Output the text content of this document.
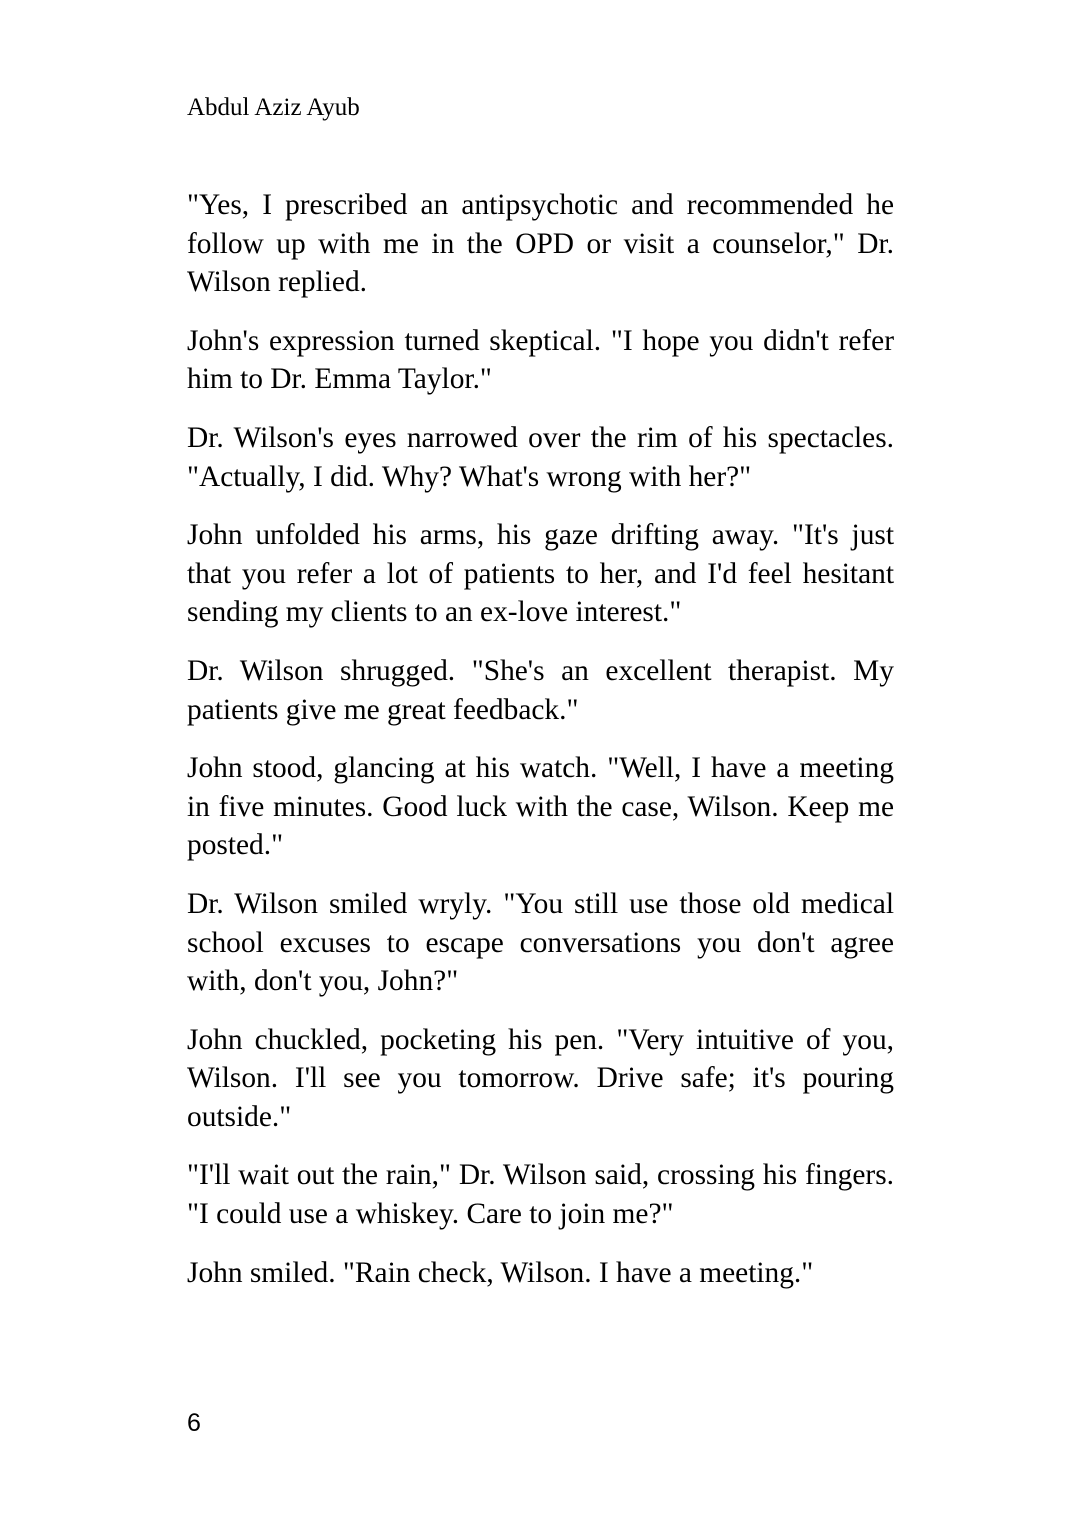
Abdul Aziz Ayub

"Yes, I prescribed an antipsychotic and recommended he follow up with me in the OPD or visit a counselor," Dr. Wilson replied.

John's expression turned skeptical. "I hope you didn't refer him to Dr. Emma Taylor."

Dr. Wilson's eyes narrowed over the rim of his spectacles. "Actually, I did. Why? What's wrong with her?"

John unfolded his arms, his gaze drifting away. "It's just that you refer a lot of patients to her, and I'd feel hesitant sending my clients to an ex-love interest."

Dr. Wilson shrugged. "She's an excellent therapist. My patients give me great feedback."

John stood, glancing at his watch. "Well, I have a meeting in five minutes. Good luck with the case, Wilson. Keep me posted."

Dr. Wilson smiled wryly. "You still use those old medical school excuses to escape conversations you don't agree with, don't you, John?"

John chuckled, pocketing his pen. "Very intuitive of you, Wilson. I'll see you tomorrow. Drive safe; it's pouring outside."

"I'll wait out the rain," Dr. Wilson said, crossing his fingers. "I could use a whiskey. Care to join me?"

John smiled. "Rain check, Wilson. I have a meeting."

6
